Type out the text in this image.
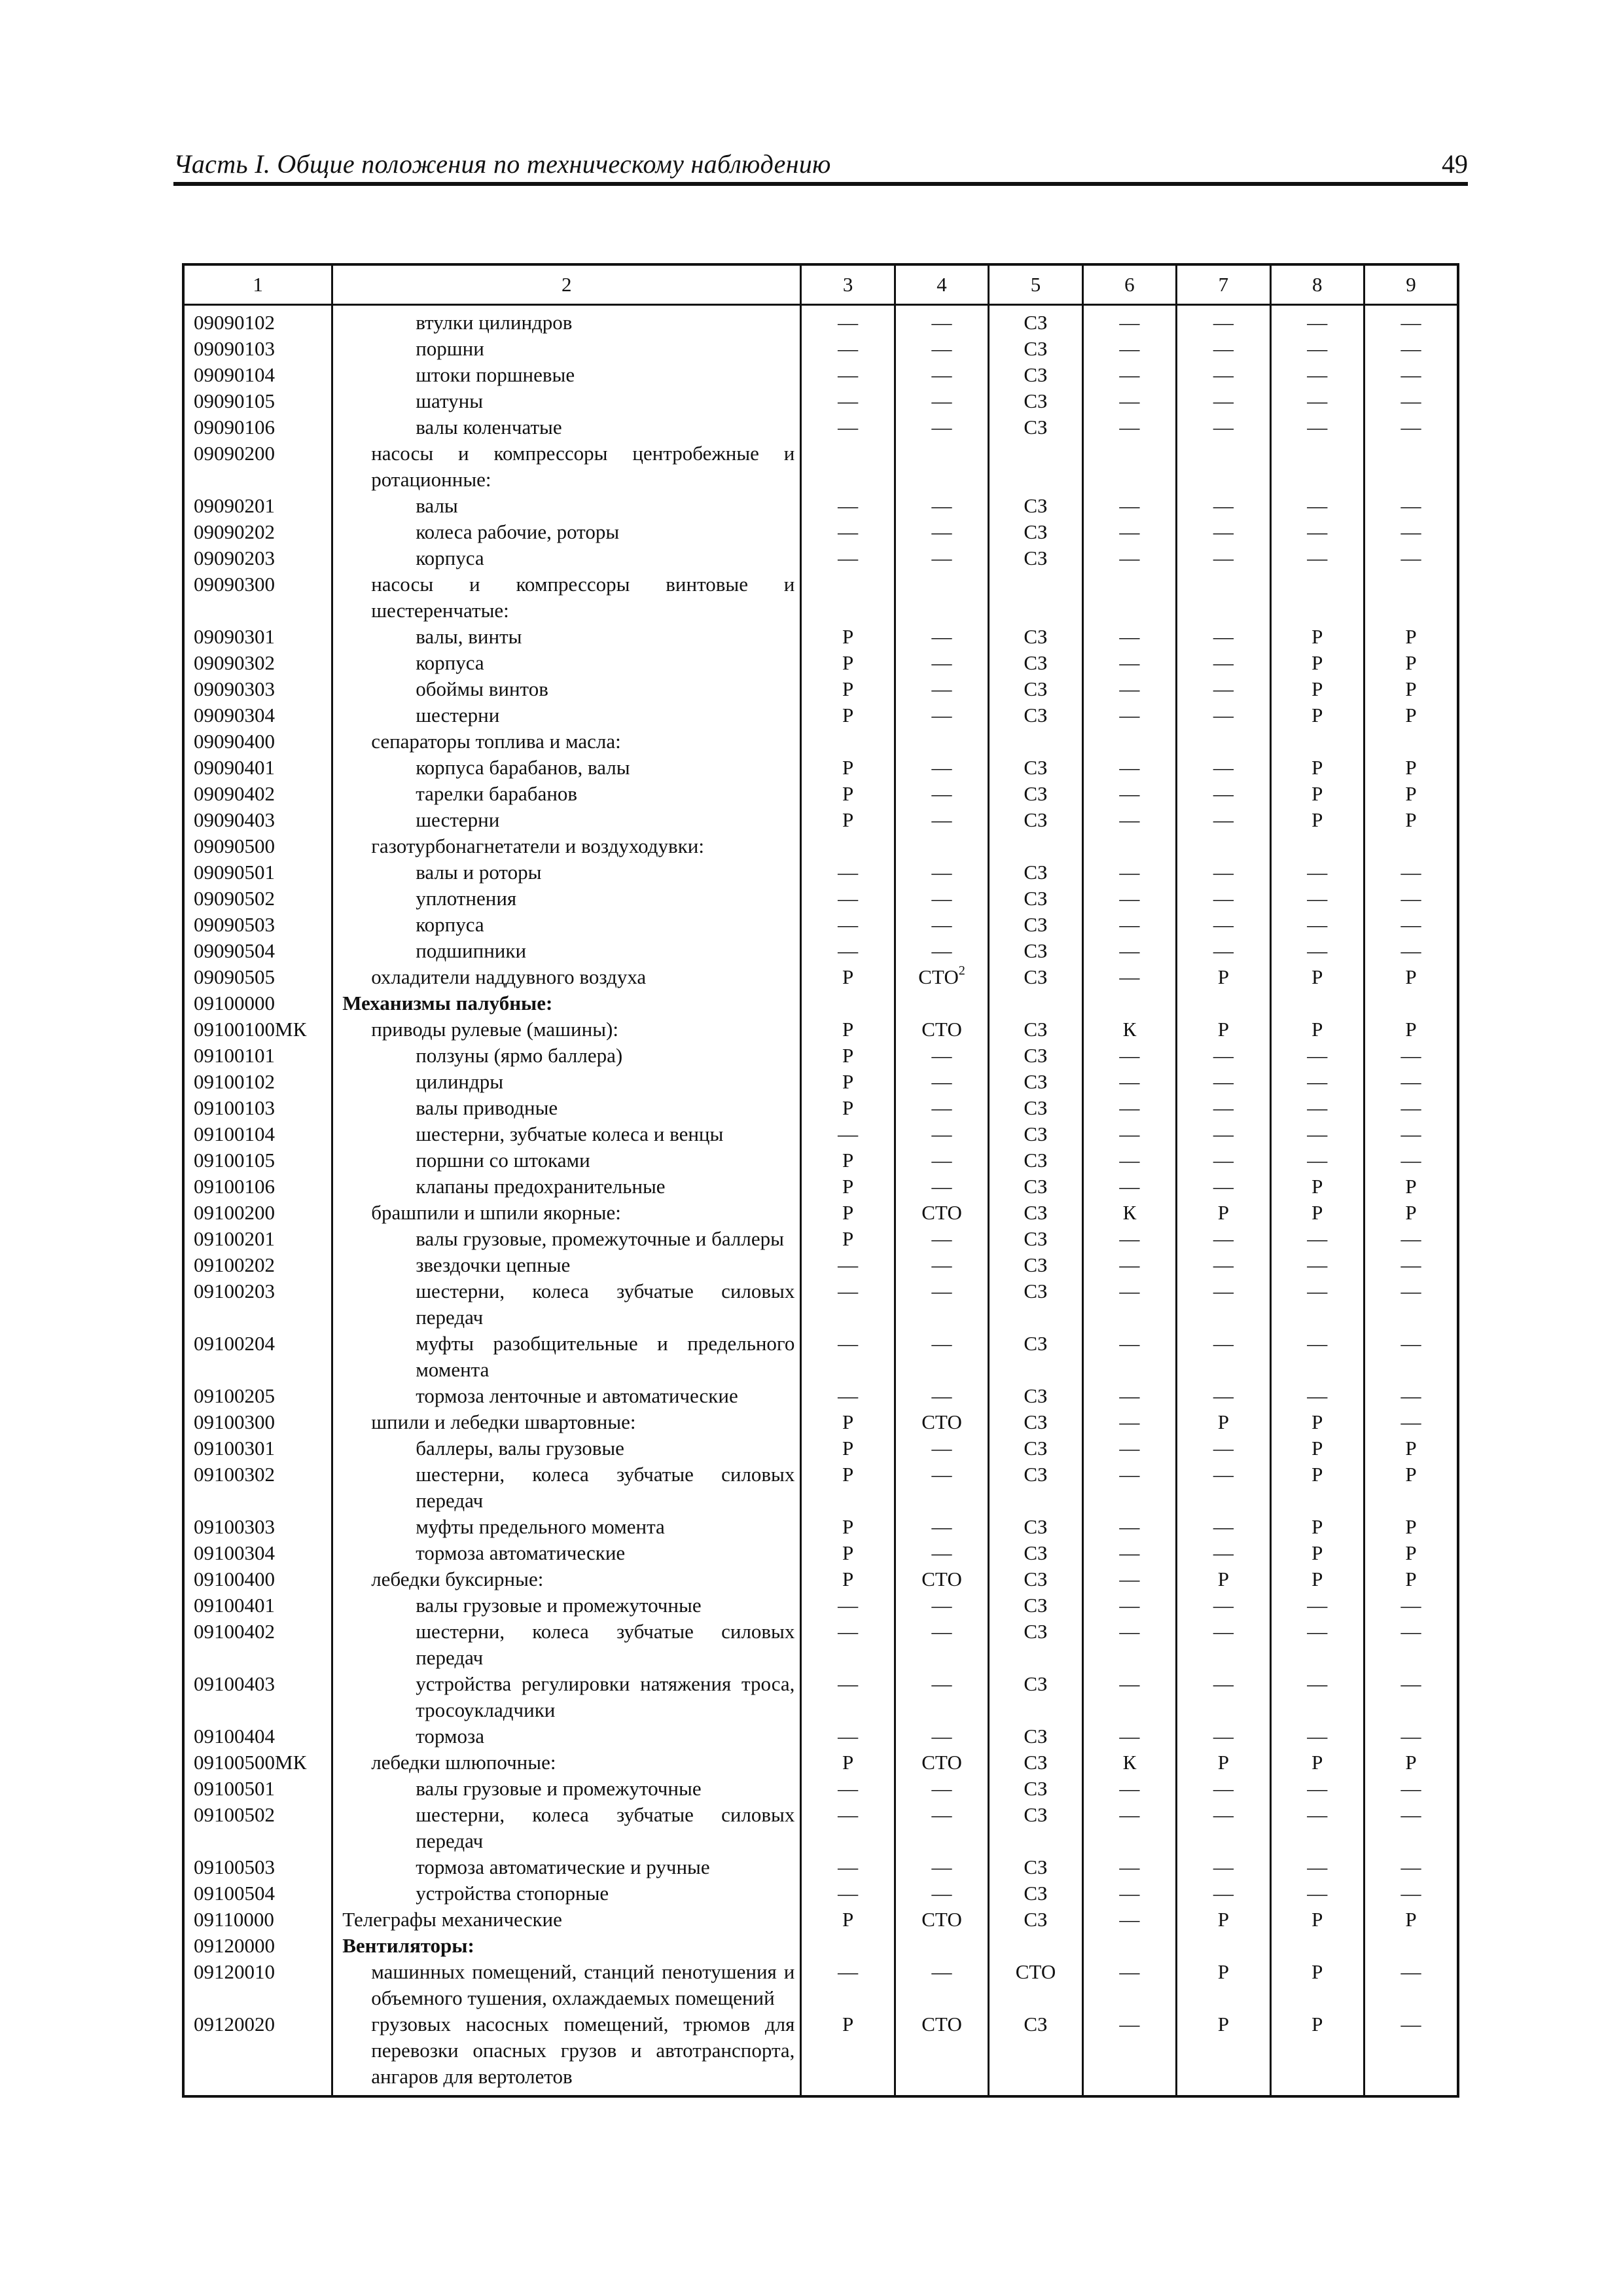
Часть I. Общие положения по техническому наблюдению	49
1	2	3	4	5	6	7	8	9
09090102	втулки цилиндров	—	—	СЗ	—	—	—	—
09090103	поршни	—	—	СЗ	—	—	—	—
09090104	штоки поршневые	—	—	СЗ	—	—	—	—
09090105	шатуны	—	—	СЗ	—	—	—	—
09090106	валы коленчатые	—	—	СЗ	—	—	—	—
09090200	насосы и компрессоры центробежные и ротационные:							
09090201	валы	—	—	СЗ	—	—	—	—
09090202	колеса рабочие, роторы	—	—	СЗ	—	—	—	—
09090203	корпуса	—	—	СЗ	—	—	—	—
09090300	насосы и компрессоры винтовые и шестеренчатые:							
09090301	валы, винты	Р	—	СЗ	—	—	Р	Р
09090302	корпуса	Р	—	СЗ	—	—	Р	Р
09090303	обоймы винтов	Р	—	СЗ	—	—	Р	Р
09090304	шестерни	Р	—	СЗ	—	—	Р	Р
09090400	сепараторы топлива и масла:							
09090401	корпуса барабанов, валы	Р	—	СЗ	—	—	Р	Р
09090402	тарелки барабанов	Р	—	СЗ	—	—	Р	Р
09090403	шестерни	Р	—	СЗ	—	—	Р	Р
09090500	газотурбонагнетатели и воздуходувки:							
09090501	валы и роторы	—	—	СЗ	—	—	—	—
09090502	уплотнения	—	—	СЗ	—	—	—	—
09090503	корпуса	—	—	СЗ	—	—	—	—
09090504	подшипники	—	—	СЗ	—	—	—	—
09090505	охладители наддувного воздуха	Р	СТО$^2$	СЗ	—	Р	Р	Р
09100000	Механизмы палубные:							
09100100МК	приводы рулевые (машины):	Р	СТО	СЗ	К	Р	Р	Р
09100101	ползуны (ярмо баллера)	Р	—	СЗ	—	—	—	—
09100102	цилиндры	Р	—	СЗ	—	—	—	—
09100103	валы приводные	Р	—	СЗ	—	—	—	—
09100104	шестерни, зубчатые колеса и венцы	—	—	СЗ	—	—	—	—
09100105	поршни со штоками	Р	—	СЗ	—	—	—	—
09100106	клапаны предохранительные	Р	—	СЗ	—	—	Р	Р
09100200	брашпили и шпили якорные:	Р	СТО	СЗ	К	Р	Р	Р
09100201	валы грузовые, промежуточные и баллеры	Р	—	СЗ	—	—	—	—
09100202	звездочки цепные	—	—	СЗ	—	—	—	—
09100203	шестерни, колеса зубчатые силовых передач	—	—	СЗ	—	—	—	—
09100204	муфты разобщительные и предельного момента	—	—	СЗ	—	—	—	—
09100205	тормоза ленточные и автоматические	—	—	СЗ	—	—	—	—
09100300	шпили и лебедки швартовные:	Р	СТО	СЗ	—	Р	Р	—
09100301	баллеры, валы грузовые	Р	—	СЗ	—	—	Р	Р
09100302	шестерни, колеса зубчатые силовых передач	Р	—	СЗ	—	—	Р	Р
09100303	муфты предельного момента	Р	—	СЗ	—	—	Р	Р
09100304	тормоза автоматические	Р	—	СЗ	—	—	Р	Р
09100400	лебедки буксирные:	Р	СТО	СЗ	—	Р	Р	Р
09100401	валы грузовые и промежуточные	—	—	СЗ	—	—	—	—
09100402	шестерни, колеса зубчатые силовых передач	—	—	СЗ	—	—	—	—
09100403	устройства регулировки натяжения троса, тросоукладчики	—	—	СЗ	—	—	—	—
09100404	тормоза	—	—	СЗ	—	—	—	—
09100500МК	лебедки шлюпочные:	Р	СТО	СЗ	К	Р	Р	Р
09100501	валы грузовые и промежуточные	—	—	СЗ	—	—	—	—
09100502	шестерни, колеса зубчатые силовых передач	—	—	СЗ	—	—	—	—
09100503	тормоза автоматические и ручные	—	—	СЗ	—	—	—	—
09100504	устройства стопорные	—	—	СЗ	—	—	—	—
09110000	Телеграфы механические	Р	СТО	СЗ	—	Р	Р	Р
09120000	Вентиляторы:							
09120010	машинных помещений, станций пенотушения и объемного тушения, охлаждаемых помещений	—	—	СТО	—	Р	Р	—
09120020	грузовых насосных помещений, трюмов для перевозки опасных грузов и автотранспорта, ангаров для вертолетов	Р	СТО	СЗ	—	Р	Р	—
